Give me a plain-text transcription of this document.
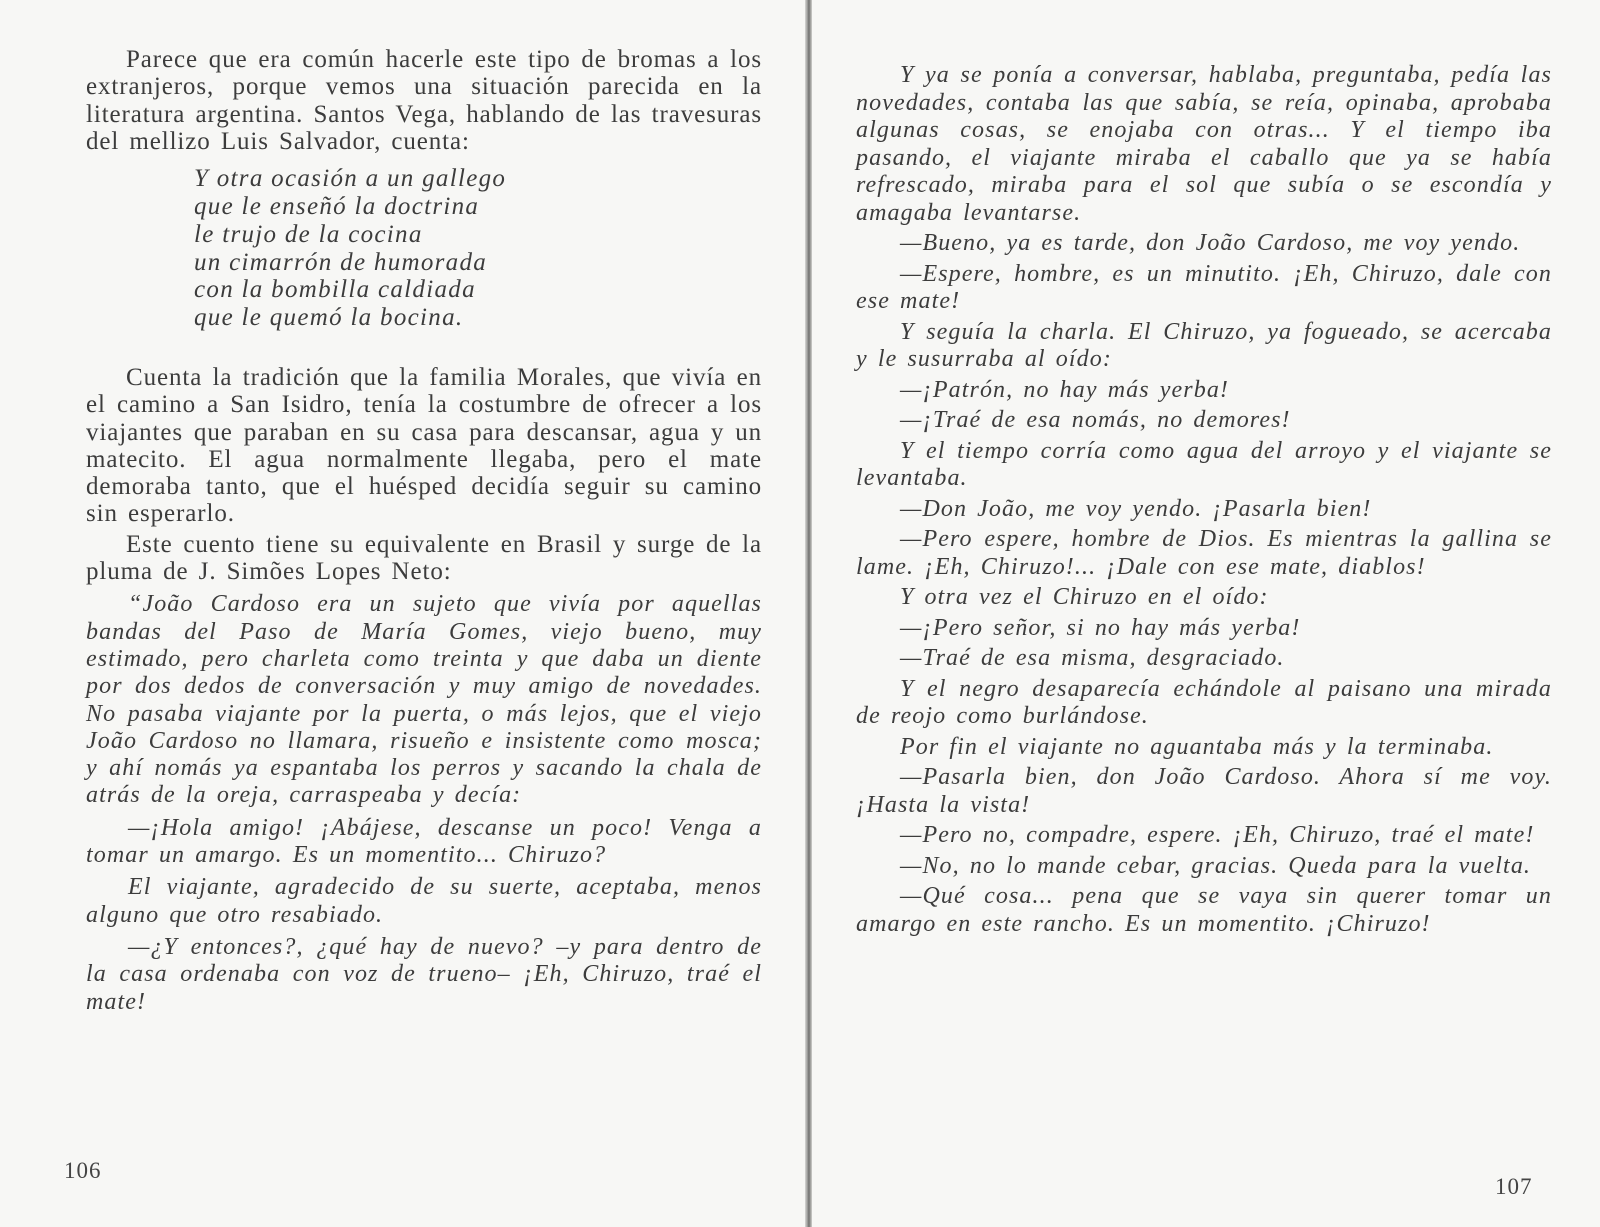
Parece que era común hacerle este tipo de bromas a los extranjeros, porque vemos una situación parecida en la literatura argentina. Santos Vega, hablando de las travesuras del mellizo Luis Salvador, cuenta:

Y otra ocasión a un gallego
que le enseñó la doctrina
le trujo de la cocina
un cimarrón de humorada
con la bombilla caldiada
que le quemó la bocina.

Cuenta la tradición que la familia Morales, que vivía en el camino a San Isidro, tenía la costumbre de ofrecer a los viajantes que paraban en su casa para descansar, agua y un matecito. El agua normalmente llegaba, pero el mate demoraba tanto, que el huésped decidía seguir su camino sin esperarlo.

Este cuento tiene su equivalente en Brasil y surge de la pluma de J. Simões Lopes Neto:

“João Cardoso era un sujeto que vivía por aquellas bandas del Paso de María Gomes, viejo bueno, muy estimado, pero charleta como treinta y que daba un diente por dos dedos de conversación y muy amigo de novedades. No pasaba viajante por la puerta, o más lejos, que el viejo João Cardoso no llamara, risueño e insistente como mosca; y ahí nomás ya espantaba los perros y sacando la chala de atrás de la oreja, carraspeaba y decía:

—¡Hola amigo! ¡Abájese, descanse un poco! Venga a tomar un amargo. Es un momentito... Chiruzo?

El viajante, agradecido de su suerte, aceptaba, menos alguno que otro resabiado.

—¿Y entonces?, ¿qué hay de nuevo? –y para dentro de la casa ordenaba con voz de trueno– ¡Eh, Chiruzo, traé el mate!

106

Y ya se ponía a conversar, hablaba, preguntaba, pedía las novedades, contaba las que sabía, se reía, opinaba, aprobaba algunas cosas, se enojaba con otras... Y el tiempo iba pasando, el viajante miraba el caballo que ya se había refrescado, miraba para el sol que subía o se escondía y amagaba levantarse.

—Bueno, ya es tarde, don João Cardoso, me voy yendo.

—Espere, hombre, es un minutito. ¡Eh, Chiruzo, dale con ese mate!

Y seguía la charla. El Chiruzo, ya fogueado, se acercaba y le susurraba al oído:

—¡Patrón, no hay más yerba!

—¡Traé de esa nomás, no demores!

Y el tiempo corría como agua del arroyo y el viajante se levantaba.

—Don João, me voy yendo. ¡Pasarla bien!

—Pero espere, hombre de Dios. Es mientras la gallina se lame. ¡Eh, Chiruzo!... ¡Dale con ese mate, diablos!

Y otra vez el Chiruzo en el oído:

—¡Pero señor, si no hay más yerba!

—Traé de esa misma, desgraciado.

Y el negro desaparecía echándole al paisano una mirada de reojo como burlándose.

Por fin el viajante no aguantaba más y la terminaba.

—Pasarla bien, don João Cardoso. Ahora sí me voy. ¡Hasta la vista!

—Pero no, compadre, espere. ¡Eh, Chiruzo, traé el mate!

—No, no lo mande cebar, gracias. Queda para la vuelta.

—Qué cosa... pena que se vaya sin querer tomar un amargo en este rancho. Es un momentito. ¡Chiruzo!

107
